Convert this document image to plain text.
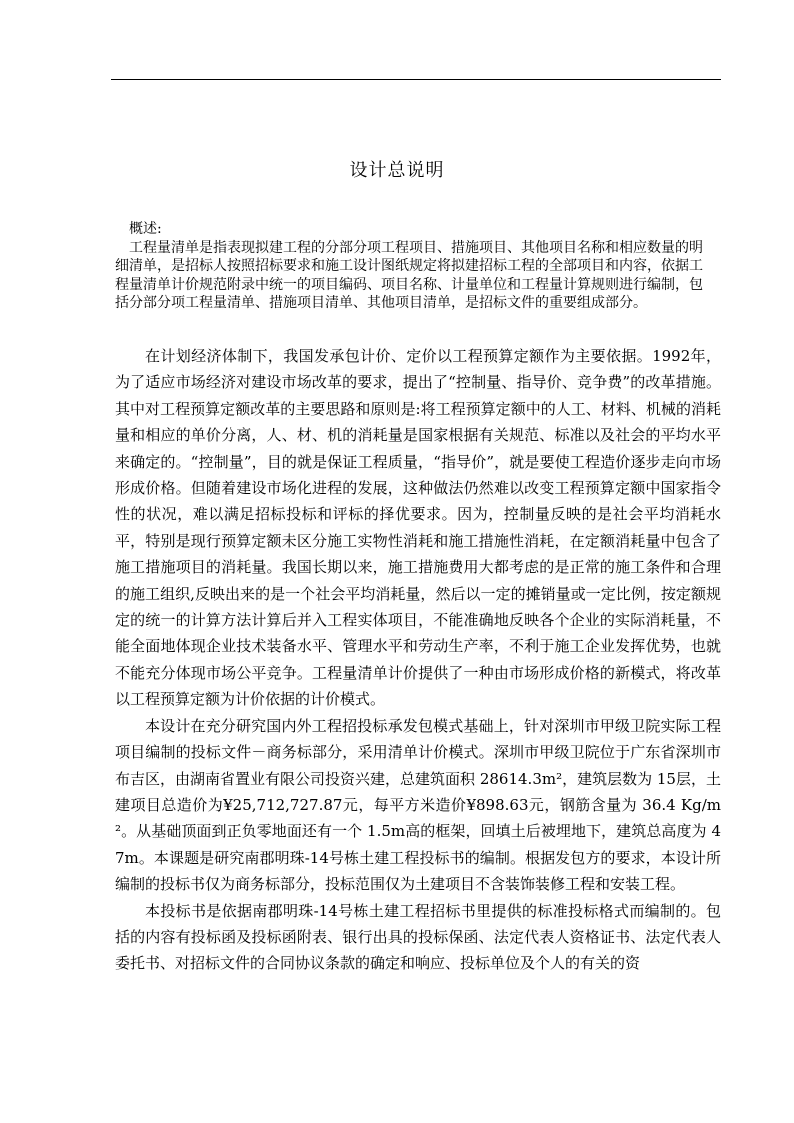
设计总说明
概述:
工程量清单是指表现拟建工程的分部分项工程项目、措施项目、其他项目名称和相应数量的明细清单，是招标人按照招标要求和施工设计图纸规定将拟建招标工程的全部项目和内容，依据工程量清单计价规范附录中统一的项目编码、项目名称、计量单位和工程量计算规则进行编制，包括分部分项工程量清单、措施项目清单、其他项目清单，是招标文件的重要组成部分。

在计划经济体制下，我国发承包计价、定价以工程预算定额作为主要依据。1992年，为了适应市场经济对建设市场改革的要求，提出了“控制量、指导价、竞争费”的改革措施。其中对工程预算定额改革的主要思路和原则是:将工程预算定额中的人工、材料、机械的消耗量和相应的单价分离，人、材、机的消耗量是国家根据有关规范、标准以及社会的平均水平来确定的。“控制量”，目的就是保证工程质量，“指导价”，就是要使工程造价逐步走向市场形成价格。但随着建设市场化进程的发展，这种做法仍然难以改变工程预算定额中国家指令性的状况，难以满足招标投标和评标的择优要求。因为，控制量反映的是社会平均消耗水平，特别是现行预算定额未区分施工实物性消耗和施工措施性消耗，在定额消耗量中包含了施工措施项目的消耗量。我国长期以来，施工措施费用大都考虑的是正常的施工条件和合理的施工组织,反映出来的是一个社会平均消耗量，然后以一定的摊销量或一定比例，按定额规定的统一的计算方法计算后并入工程实体项目，不能准确地反映各个企业的实际消耗量，不能全面地体现企业技术装备水平、管理水平和劳动生产率，不利于施工企业发挥优势，也就不能充分体现市场公平竞争。工程量清单计价提供了一种由市场形成价格的新模式，将改革以工程预算定额为计价依据的计价模式。

本设计在充分研究国内外工程招投标承发包模式基础上，针对深圳市甲级卫院实际工程项目编制的投标文件－商务标部分，采用清单计价模式。深圳市甲级卫院位于广东省深圳市布吉区，由湖南省置业有限公司投资兴建，总建筑面积 28614.3m²，建筑层数为 15层，土建项目总造价为¥25,712,727.87元，每平方米造价¥898.63元，钢筋含量为 36.4 Kg/m²。从基础顶面到正负零地面还有一个 1.5m高的框架，回填土后被埋地下，建筑总高度为 47m。本课题是研究南郡明珠-14号栋土建工程投标书的编制。根据发包方的要求，本设计所编制的投标书仅为商务标部分，投标范围仅为土建项目不含装饰装修工程和安装工程。

本投标书是依据南郡明珠-14号栋土建工程招标书里提供的标准投标格式而编制的。包括的内容有投标函及投标函附表、银行出具的投标保函、法定代表人资格证书、法定代表人委托书、对招标文件的合同协议条款的确定和响应、投标单位及个人的有关的资
